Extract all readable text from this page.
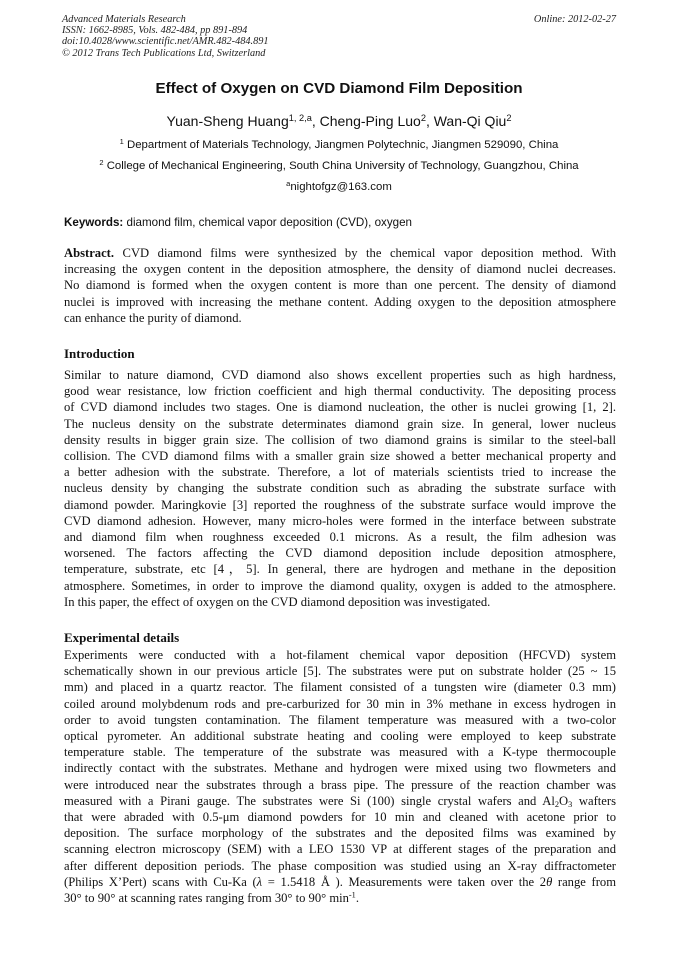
Advanced Materials Research
ISSN: 1662-8985, Vols. 482-484, pp 891-894
doi:10.4028/www.scientific.net/AMR.482-484.891
© 2012 Trans Tech Publications Ltd, Switzerland
Online: 2012-02-27
Effect of Oxygen on CVD Diamond Film Deposition
Yuan-Sheng Huang$^{1, 2,a}$, Cheng-Ping Luo$^2$, Wan-Qi Qiu$^2$
$^1$ Department of Materials Technology, Jiangmen Polytechnic, Jiangmen 529090, China
$^2$ College of Mechanical Engineering, South China University of Technology, Guangzhou, China
$^a$nightofgz@163.com
Keywords: diamond film, chemical vapor deposition (CVD), oxygen
Abstract. CVD diamond films were synthesized by the chemical vapor deposition method. With
increasing the oxygen content in the deposition atmosphere, the density of diamond nuclei decreases.
No diamond is formed when the oxygen content is more than one percent. The density of diamond
nuclei is improved with increasing the methane content. Adding oxygen to the deposition atmosphere
can enhance the purity of diamond.
Introduction
Similar to nature diamond, CVD diamond also shows excellent properties such as high hardness,
good wear resistance, low friction coefficient and high thermal conductivity. The depositing process
of CVD diamond includes two stages. One is diamond nucleation, the other is nuclei growing [1, 2].
The nucleus density on the substrate determinates diamond grain size. In general, lower nucleus
density results in bigger grain size. The collision of two diamond grains is similar to the steel-ball
collision. The CVD diamond films with a smaller grain size showed a better mechanical property and
a better adhesion with the substrate. Therefore, a lot of materials scientists tried to increase the
nucleus density by changing the substrate condition such as abrading the substrate surface with
diamond powder. Maringkovie [3] reported the roughness of the substrate surface would improve the
CVD diamond adhesion. However, many micro-holes were formed in the interface between substrate
and diamond film when roughness exceeded 0.1 microns. As a result, the film adhesion was
worsened. The factors affecting the CVD diamond deposition include deposition atmosphere,
temperature, substrate, etc [4，5]. In general, there are hydrogen and methane in the deposition
atmosphere. Sometimes, in order to improve the diamond quality, oxygen is added to the atmosphere.
In this paper, the effect of oxygen on the CVD diamond deposition was investigated.
Experimental details
Experiments were conducted with a hot-filament chemical vapor deposition (HFCVD) system
schematically shown in our previous article [5]. The substrates were put on substrate holder (25 ~ 15
mm) and placed in a quartz reactor. The filament consisted of a tungsten wire (diameter 0.3 mm)
coiled around molybdenum rods and pre-carburized for 30 min in 3% methane in excess hydrogen in
order to avoid tungsten contamination. The filament temperature was measured with a two-color
optical pyrometer. An additional substrate heating and cooling were employed to keep substrate
temperature stable. The temperature of the substrate was measured with a K-type thermocouple
indirectly contact with the substrates. Methane and hydrogen were mixed using two flowmeters and
were introduced near the substrates through a brass pipe. The pressure of the reaction chamber was
measured with a Pirani gauge. The substrates were Si (100) single crystal wafers and $Al_2O_3$ wafters
that were abraded with 0.5-μm diamond powders for 10 min and cleaned with acetone prior to
deposition. The surface morphology of the substrates and the deposited films was examined by
scanning electron microscopy (SEM) with a LEO 1530 VP at different stages of the preparation and
after different deposition periods. The phase composition was studied using an X-ray diffractometer
(Philips X’Pert) scans with Cu-Ka (λ = 1.5418 Å ). Measurements were taken over the 2θ range from
30° to 90° at scanning rates ranging from 30° to 90° $\min^{-1}$.
